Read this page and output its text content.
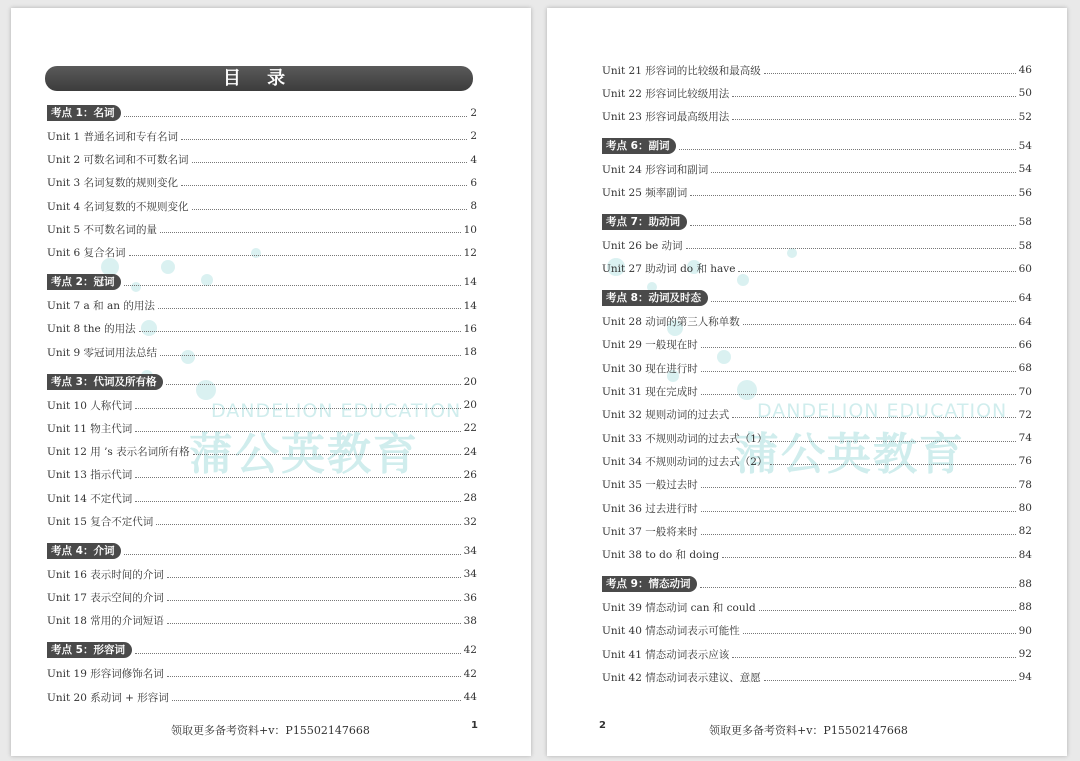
DANDELION EDUCATION
蒲公英教育
目 录
考点 1：名词	2
Unit 1 普通名词和专有名词	2
Unit 2 可数名词和不可数名词	4
Unit 3 名词复数的规则变化	6
Unit 4 名词复数的不规则变化	8
Unit 5 不可数名词的量	10
Unit 6 复合名词	12
考点 2：冠词	14
Unit 7 a 和 an 的用法	14
Unit 8 the 的用法	16
Unit 9 零冠词用法总结	18
考点 3：代词及所有格	20
Unit 10 人称代词	20
Unit 11 物主代词	22
Unit 12 用 ’s 表示名词所有格	24
Unit 13 指示代词	26
Unit 14 不定代词	28
Unit 15 复合不定代词	32
考点 4：介词	34
Unit 16 表示时间的介词	34
Unit 17 表示空间的介词	36
Unit 18 常用的介词短语	38
考点 5：形容词	42
Unit 19 形容词修饰名词	42
Unit 20 系动词 + 形容词	44
领取更多备考资料+v：P15502147668	1
DANDELION EDUCATION
蒲公英教育
Unit 21 形容词的比较级和最高级	46
Unit 22 形容词比较级用法	50
Unit 23 形容词最高级用法	52
考点 6：副词	54
Unit 24 形容词和副词	54
Unit 25 频率副词	56
考点 7：助动词	58
Unit 26 be 动词	58
Unit 27 助动词 do 和 have	60
考点 8：动词及时态	64
Unit 28 动词的第三人称单数	64
Unit 29 一般现在时	66
Unit 30 现在进行时	68
Unit 31 现在完成时	70
Unit 32 规则动词的过去式	72
Unit 33 不规则动词的过去式（1）	74
Unit 34 不规则动词的过去式（2）	76
Unit 35 一般过去时	78
Unit 36 过去进行时	80
Unit 37 一般将来时	82
Unit 38 to do 和 doing	84
考点 9：情态动词	88
Unit 39 情态动词 can 和 could	88
Unit 40 情态动词表示可能性	90
Unit 41 情态动词表示应该	92
Unit 42 情态动词表示建议、意愿	94
2	领取更多备考资料+v：P15502147668
